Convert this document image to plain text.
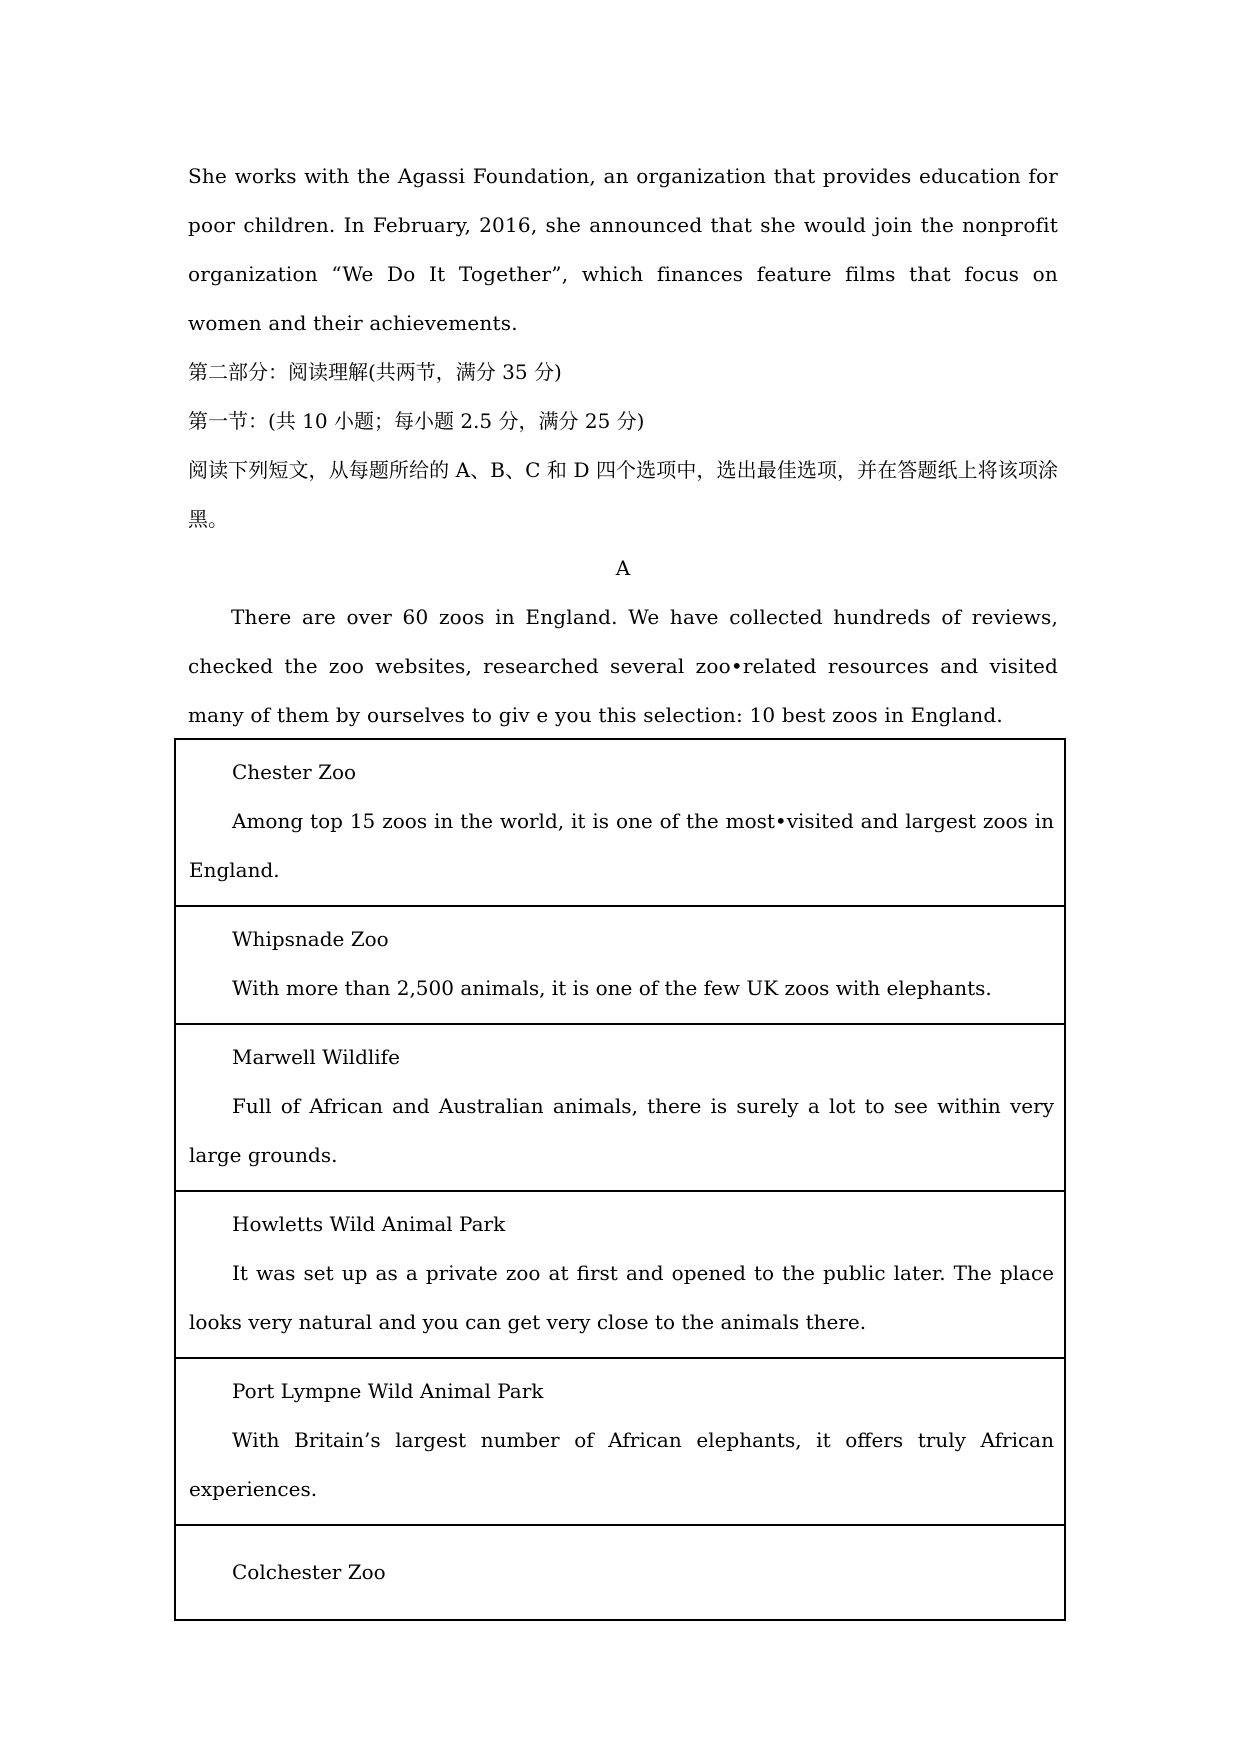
She works with the Agassi Foundation, an organization that provides education for poor children. In February, 2016, she announced that she would join the nonprofit organization “We Do It Together”, which finances feature films that focus on women and their achievements.

第二部分：阅读理解(共两节，满分 35 分)

第一节：(共 10 小题；每小题 2.5 分，满分 25 分)

阅读下列短文，从每题所给的 A、B、C 和 D 四个选项中，选出最佳选项，并在答题纸上将该项涂黑。

A

There are over 60 zoos in England. We have collected hundreds of reviews, checked the zoo websites, researched several zoo•related resources and visited many of them by ourselves to giv e you this selection: 10 best zoos in England.

Chester Zoo

Among top 15 zoos in the world, it is one of the most•visited and largest zoos in England.

Whipsnade Zoo

With more than 2,500 animals, it is one of the few UK zoos with elephants.

Marwell Wildlife

Full of African and Australian animals, there is surely a lot to see within very large grounds.

Howletts Wild Animal Park

It was set up as a private zoo at first and opened to the public later. The place looks very natural and you can get very close to the animals there.

Port Lympne Wild Animal Park

With Britain’s largest number of African elephants, it offers truly African experiences.

Colchester Zoo
